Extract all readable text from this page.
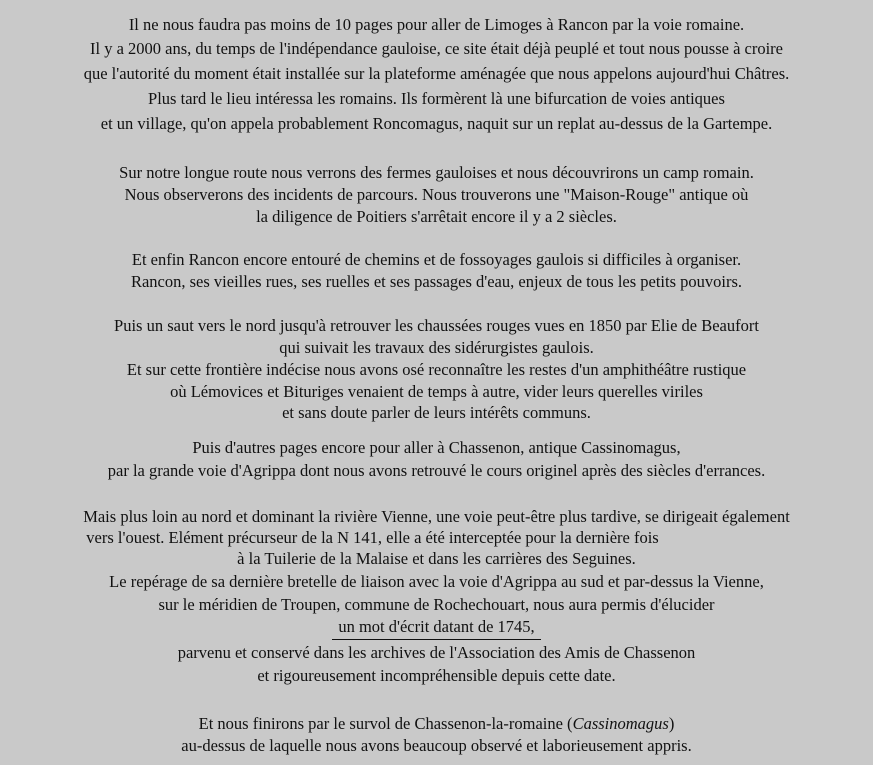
Il ne nous faudra pas moins de 10 pages pour aller de Limoges à Rancon par la voie romaine.
Il y a 2000 ans, du temps de l'indépendance gauloise, ce site était déjà peuplé et tout nous pousse à croire
que l'autorité du moment était installée sur la plateforme aménagée que nous appelons aujourd'hui Châtres.
Plus tard le lieu intéressa les romains. Ils formèrent là une bifurcation de voies antiques
et un village, qu'on appela probablement Roncomagus, naquit sur un replat au-dessus de la Gartempe.
Sur notre longue route nous verrons des fermes gauloises et nous découvrirons un camp romain.
Nous observerons des incidents de parcours. Nous trouverons une "Maison-Rouge" antique où
la diligence de Poitiers s'arrêtait encore il y a 2 siècles.
Et enfin Rancon encore entouré de chemins et de fossoyages gaulois si difficiles à organiser.
Rancon, ses vieilles rues, ses ruelles et ses passages d'eau, enjeux de tous les petits pouvoirs.
Puis un saut vers le nord jusqu'à retrouver les chaussées rouges vues en 1850 par Elie de Beaufort
qui suivait les travaux des sidérurgistes gaulois.
Et sur cette frontière indécise nous avons osé reconnaître les restes d'un amphithéâtre rustique
où Lémovices et Bituriges venaient de temps à autre, vider leurs querelles viriles
et sans doute parler de leurs intérêts communs.
Puis d'autres pages encore pour aller à Chassenon, antique Cassinomagus,
par la grande voie d'Agrippa dont nous avons retrouvé le cours originel après des siècles d'errances.
Mais plus loin au nord et dominant la rivière Vienne, une voie peut-être plus tardive, se dirigeait également
vers l'ouest. Elément précurseur de la N 141, elle a été interceptée pour la dernière fois
à la Tuilerie de la Malaise et dans les carrières des Seguines.
Le repérage de sa dernière bretelle de liaison avec la voie d'Agrippa au sud et par-dessus la Vienne,
sur le méridien de Troupen, commune de Rochechouart, nous aura permis d'élucider
un mot d'écrit datant de 1745,
parvenu et conservé dans les archives de l'Association des Amis de Chassenon
et rigoureusement incompréhensible depuis cette date.
Et nous finirons par le survol de Chassenon-la-romaine (Cassinomagus)
au-dessus de laquelle nous avons beaucoup observé et laborieusement appris.
